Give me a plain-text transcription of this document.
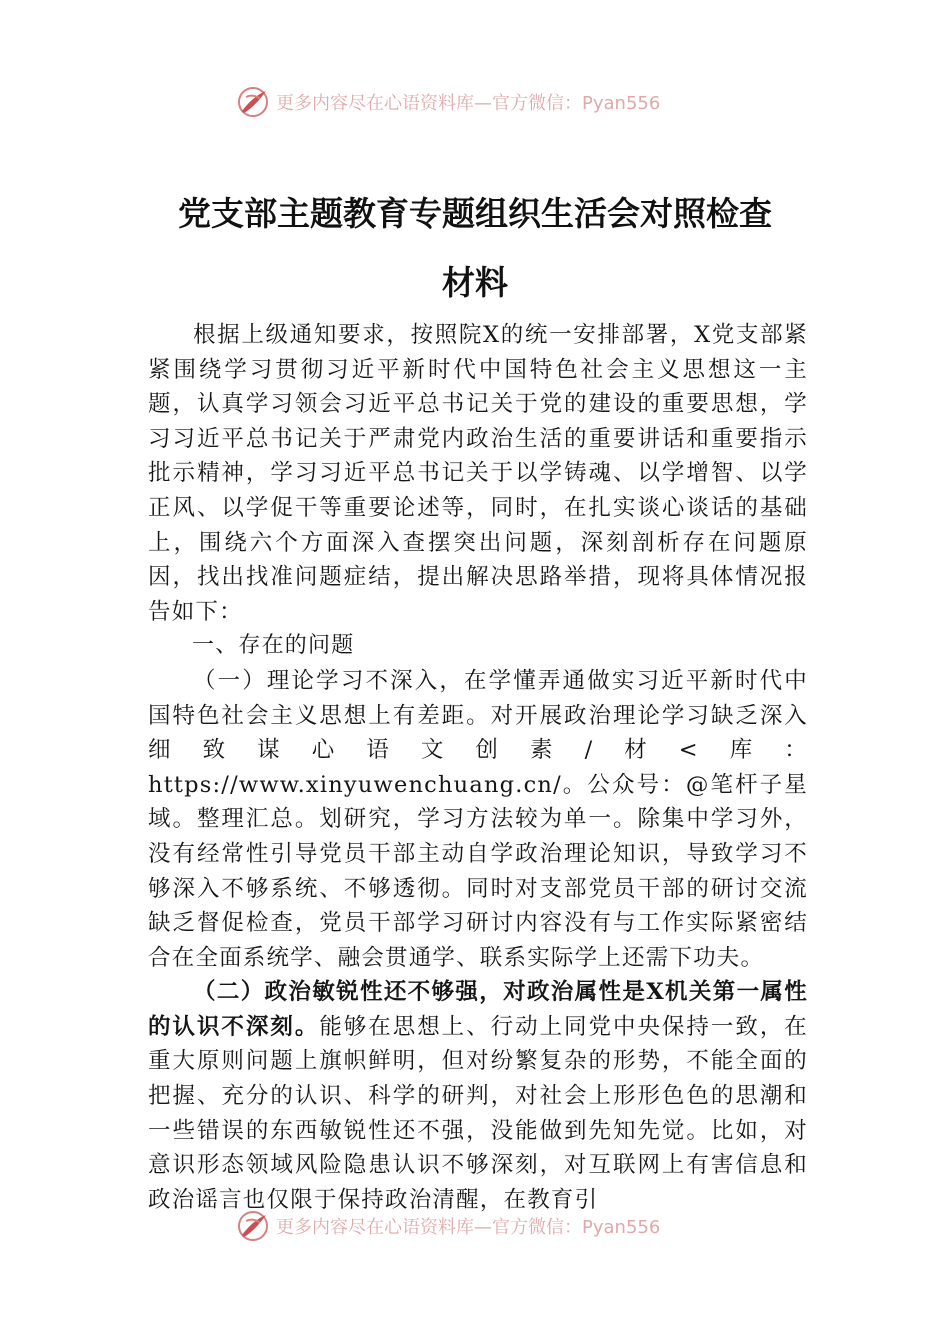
更多内容尽在心语资料库—官方微信：Pyan556
党支部主题教育专题组织生活会对照检查
材料

根据上级通知要求，按照院X的统一安排部署，X党支部紧紧围绕学习贯彻习近平新时代中国特色社会主义思想这一主题，认真学习领会习近平总书记关于党的建设的重要思想，学习习近平总书记关于严肃党内政治生活的重要讲话和重要指示批示精神，学习习近平总书记关于以学铸魂、以学增智、以学正风、以学促干等重要论述等，同时，在扎实谈心谈话的基础上，围绕六个方面深入查摆突出问题，深刻剖析存在问题原因，找出找准问题症结，提出解决思路举措，现将具体情况报告如下：

一、存在的问题

（一）理论学习不深入，在学懂弄通做实习近平新时代中国特色社会主义思想上有差距。对开展政治理论学习缺乏深入细致谋心语文创素/材<库：https://www.xinyuwenchuang.cn/。公众号：@笔杆子星域。整理汇总。划研究，学习方法较为单一。除集中学习外，没有经常性引导党员干部主动自学政治理论知识，导致学习不够深入不够系统、不够透彻。同时对支部党员干部的研讨交流缺乏督促检查，党员干部学习研讨内容没有与工作实际紧密结合在全面系统学、融会贯通学、联系实际学上还需下功夫。

（二）政治敏锐性还不够强，对政治属性是X机关第一属性的认识不深刻。能够在思想上、行动上同党中央保持一致，在重大原则问题上旗帜鲜明，但对纷繁复杂的形势，不能全面的把握、充分的认识、科学的研判，对社会上形形色色的思潮和一些错误的东西敏锐性还不强，没能做到先知先觉。比如，对意识形态领域风险隐患认识不够深刻，对互联网上有害信息和政治谣言也仅限于保持政治清醒，在教育引

更多内容尽在心语资料库—官方微信：Pyan556
